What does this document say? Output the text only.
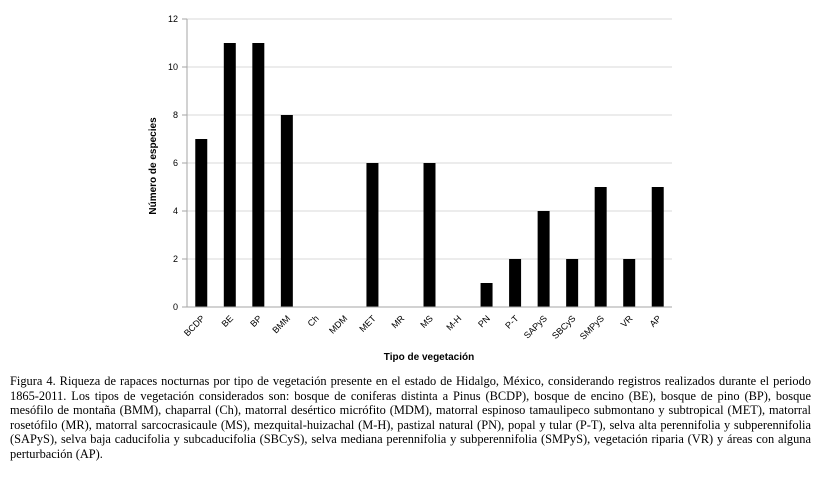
0
2
4
6
8
10
12
BCDP BE BP BMM Ch MDM MET MR MS M-H PN P-T SAPyS SBCyS SMPyS VR AP
Tipo de vegetación
Número de especies

Figura 4. Riqueza de rapaces nocturnas por tipo de vegetación presente en el estado de Hidalgo, México, considerando registros realizados durante el periodo 1865-2011. Los tipos de vegetación considerados son: bosque de coniferas distinta a Pinus (BCDP), bosque de encino (BE), bosque de pino (BP), bosque mesófilo de montaña (BMM), chaparral (Ch), matorral desértico micrófito (MDM), matorral espinoso tamaulipeco submontano y subtropical (MET), matorral rosetófilo (MR), matorral sarcocrasicaule (MS), mezquital-huizachal (M-H), pastizal natural (PN), popal y tular (P-T), selva alta perennifolia y subperennifolia (SAPyS), selva baja caducifolia y subcaducifolia (SBCyS), selva mediana perennifolia y subperennifolia (SMPyS), vegetación riparia (VR) y áreas con alguna perturbación (AP).
